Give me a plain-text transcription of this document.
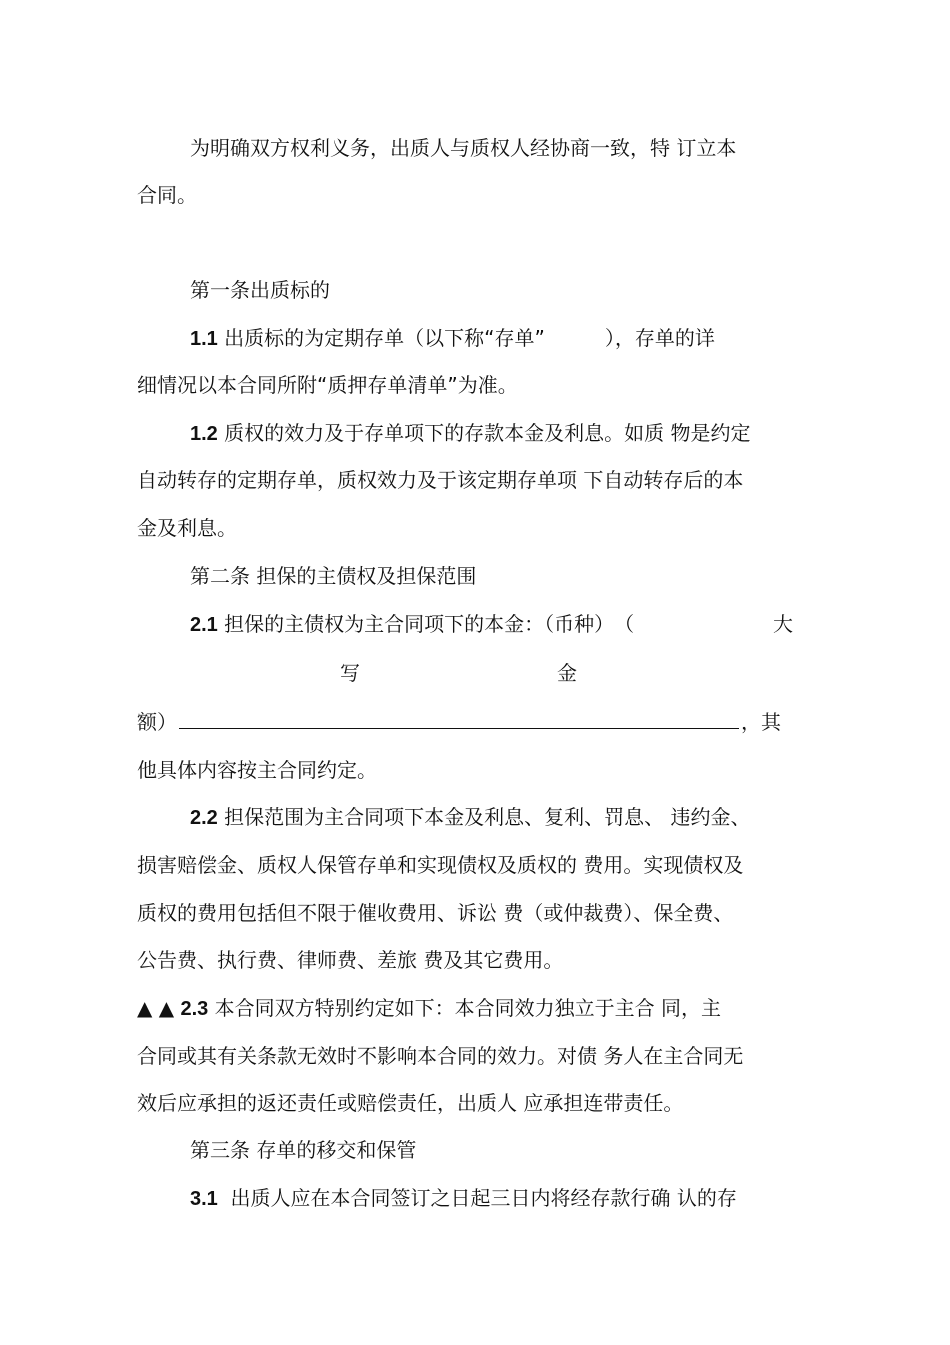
为明确双方权利义务，出质人与质权人经协商一致，特 订立本
合同。
第一条出质标的
1.1 出质标的为定期存单（以下称“存单”　　　），存单的详
细情况以本合同所附“质押存单清单”为准。
1.2 质权的效力及于存单项下的存款本金及利息。如质 物是约定
自动转存的定期存单，质权效力及于该定期存单项 下自动转存后的本
金及利息。
第二条 担保的主债权及担保范围
2.1 担保的主债权为主合同项下的本金：（币种）　（	大
写	金
额）	，其
他具体内容按主合同约定。
2.2 担保范围为主合同项下本金及利息、复利、罚息、 违约金、
损害赔偿金、质权人保管存单和实现债权及质权的 费用。实现债权及
质权的费用包括但不限于催收费用、诉讼 费（或仲裁费）、保全费、
公告费、执行费、律师费、差旅 费及其它费用。
▲ ▲ 2.3 本合同双方特别约定如下：本合同效力独立于主合 同，主
合同或其有关条款无效时不影响本合同的效力。对债 务人在主合同无
效后应承担的返还责任或赔偿责任，出质人 应承担连带责任。
第三条 存单的移交和保管
3.1 出质人应在本合同签订之日起三日内将经存款行确 认的存
